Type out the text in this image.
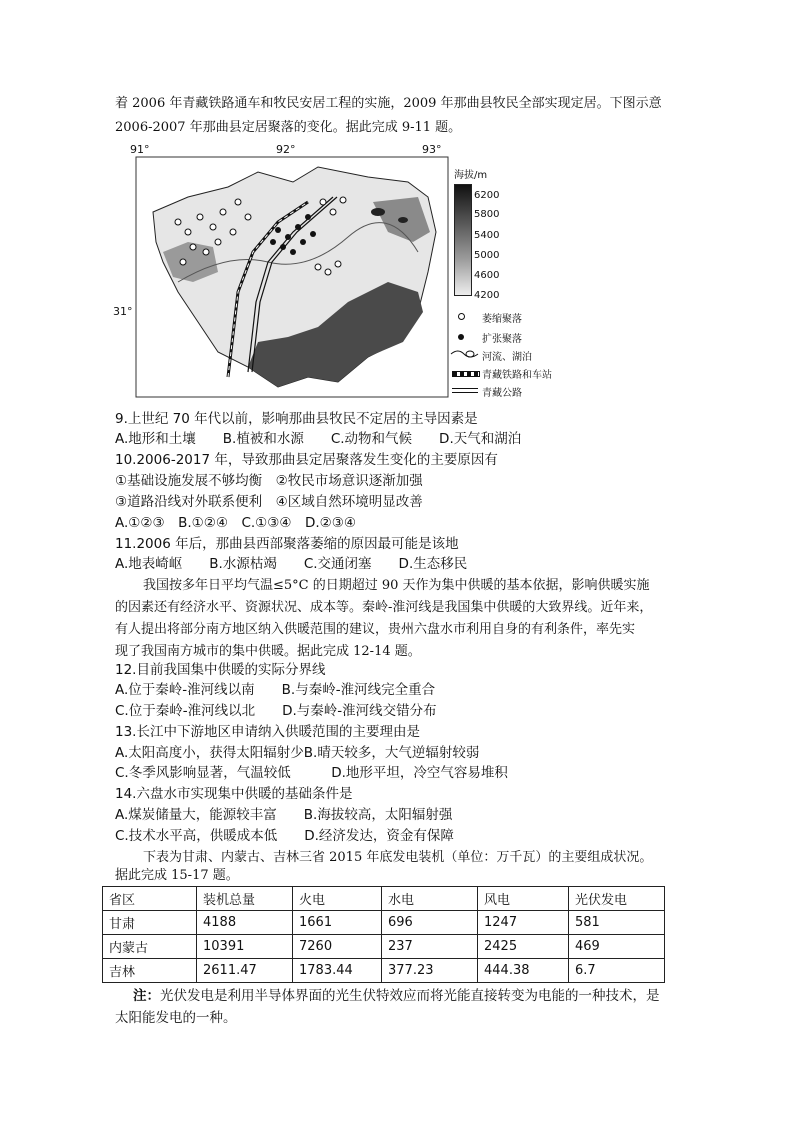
着 2006 年青藏铁路通车和牧民安居工程的实施，2009 年那曲县牧民全部实现定居。下图示意
2006-2007 年那曲县定居聚落的变化。据此完成 9-11 题。
91°	92°	93°
31°
海拔/m
6200
5800
5400
5000
4600
4200
萎缩聚落
扩张聚落
河流、湖泊
青藏铁路和车站
青藏公路
9.上世纪 70 年代以前，影响那曲县牧民不定居的主导因素是
A.地形和土壤　　B.植被和水源　　C.动物和气候　　D.天气和湖泊
10.2006-2017 年，导致那曲县定居聚落发生变化的主要原因有
①基础设施发展不够均衡　②牧民市场意识逐渐加强
③道路沿线对外联系便利　④区域自然环境明显改善
A.①②③　B.①②④　C.①③④　D.②③④
11.2006 年后，那曲县西部聚落萎缩的原因最可能是该地
A.地表崎岖　　B.水源枯竭　　C.交通闭塞　　D.生态移民
我国按多年日平均气温≤5°C 的日期超过 90 天作为集中供暖的基本依据，影响供暖实施
的因素还有经济水平、资源状况、成本等。秦岭-淮河线是我国集中供暖的大致界线。近年来，
有人提出将部分南方地区纳入供暖范围的建议，贵州六盘水市利用自身的有利条件，率先实
现了我国南方城市的集中供暖。据此完成 12-14 题。
12.目前我国集中供暖的实际分界线
A.位于秦岭-淮河线以南　　B.与秦岭-淮河线完全重合
C.位于秦岭-淮河线以北　　D.与秦岭-淮河线交错分布
13.长江中下游地区申请纳入供暖范围的主要理由是
A.太阳高度小，获得太阳辐射少B.晴天较多，大气逆辐射较弱
C.冬季风影响显著，气温较低　　　D.地形平坦，冷空气容易堆积
14.六盘水市实现集中供暖的基础条件是
A.煤炭储量大，能源较丰富　　B.海拔较高，太阳辐射强
C.技术水平高，供暖成本低　　D.经济发达，资金有保障
下表为甘肃、内蒙古、吉林三省 2015 年底发电装机（单位：万千瓦）的主要组成状况。
据此完成 15-17 题。
省区	装机总量	火电	水电	风电	光伏发电
甘肃	4188	1661	696	1247	581
内蒙古	10391	7260	237	2425	469
吉林	2611.47	1783.44	377.23	444.38	6.7
注：光伏发电是利用半导体界面的光生伏特效应而将光能直接转变为电能的一种技术，是
太阳能发电的一种。
